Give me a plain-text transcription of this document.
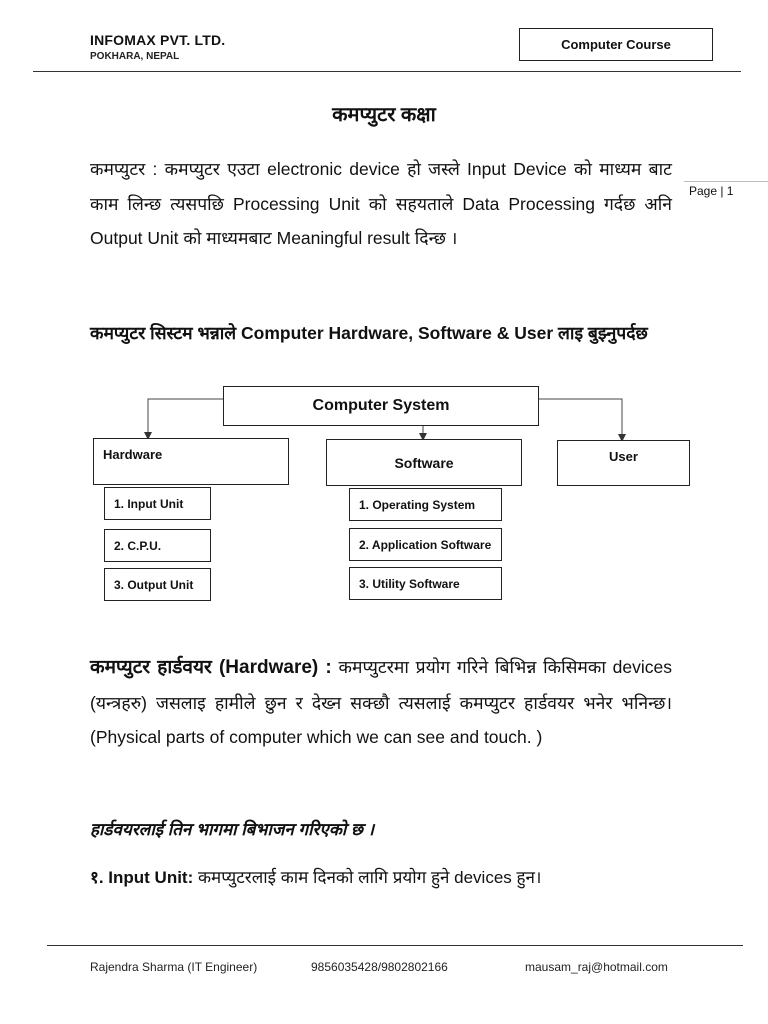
INFOMAX PVT. LTD.
POKHARA, NEPAL
Computer Course
Page | 1
कमप्युटर कक्षा
कमप्युटर : कमप्युटर एउटा electronic device हो जस्ले Input Device को माध्यम बाट काम लिन्छ त्यसपछि Processing Unit को सहयताले Data Processing गर्दछ अनि Output Unit को माध्यमबाट Meaningful result दिन्छ ।
कमप्युटर सिस्टम भन्नाले Computer Hardware, Software & User लाइ बुझ्नुपर्दछ
Computer System
Hardware	Software	User
1. Input Unit
2. C.P.U.
3. Output Unit
1. Operating System
2. Application Software
3. Utility Software
कमप्युटर हार्डवयर (Hardware) : कमप्युटरमा प्रयोग गरिने बिभिन्न किसिमका devices (यन्त्रहरु) जसलाइ हामीले छुन र देख्न सक्छौ त्यसलाई कमप्युटर हार्डवयर भनेर भनिन्छ। (Physical parts of computer which we can see and touch. )
हार्डवयरलाई तिन भागमा बिभाजन गरिएको छ ।
१. Input Unit: कमप्युटरलाई काम दिनको लागि प्रयोग हुने devices हुन।
Rajendra Sharma (IT Engineer)	9856035428/9802802166	mausam_raj@hotmail.com
